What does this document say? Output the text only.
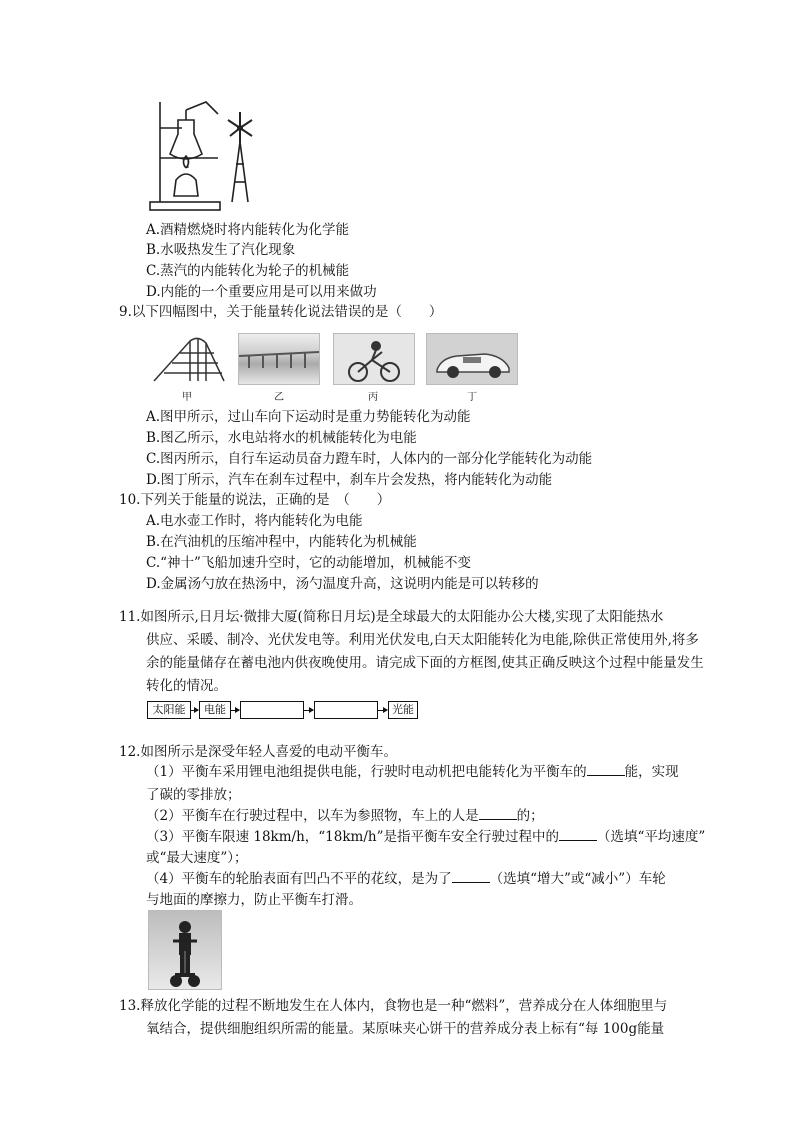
A.酒精燃烧时将内能转化为化学能
B.水吸热发生了汽化现象
C.蒸汽的内能转化为轮子的机械能
D.内能的一个重要应用是可以用来做功
9.以下四幅图中，关于能量转化说法错误的是（　　）
甲	乙	丙	丁
A.图甲所示，过山车向下运动时是重力势能转化为动能
B.图乙所示，水电站将水的机械能转化为电能
C.图丙所示，自行车运动员奋力蹬车时，人体内的一部分化学能转化为动能
D.图丁所示，汽车在刹车过程中，刹车片会发热，将内能转化为动能
10.下列关于能量的说法，正确的是　（　　）
A.电水壶工作时，将内能转化为电能
B.在汽油机的压缩冲程中，内能转化为机械能
C.“神十”飞船加速升空时，它的动能增加，机械能不变
D.金属汤勺放在热汤中，汤勺温度升高，这说明内能是可以转移的
11.如图所示,日月坛·微排大厦(简称日月坛)是全球最大的太阳能办公大楼,实现了太阳能热水
供应、采暖、制冷、光伏发电等。利用光伏发电,白天太阳能转化为电能,除供正常使用外,将多
余的能量储存在蓄电池内供夜晚使用。请完成下面的方框图,使其正确反映这个过程中能量发生
转化的情况。
太阳能	电能	光能
12.如图所示是深受年轻人喜爱的电动平衡车。
（1）平衡车采用锂电池组提供电能，行驶时电动机把电能转化为平衡车的	能，实现
了碳的零排放；
（2）平衡车在行驶过程中，以车为参照物，车上的人是	的；
（3）平衡车限速 18km/h，“18km/h”是指平衡车安全行驶过程中的	（选填“平均速度”
或“最大速度”）；
（4）平衡车的轮胎表面有凹凸不平的花纹，是为了	（选填“增大”或“减小”）车轮
与地面的摩擦力，防止平衡车打滑。
13.释放化学能的过程不断地发生在人体内，食物也是一种“燃料”，营养成分在人体细胞里与
氧结合，提供细胞组织所需的能量。某原味夹心饼干的营养成分表上标有“每 100g能量
